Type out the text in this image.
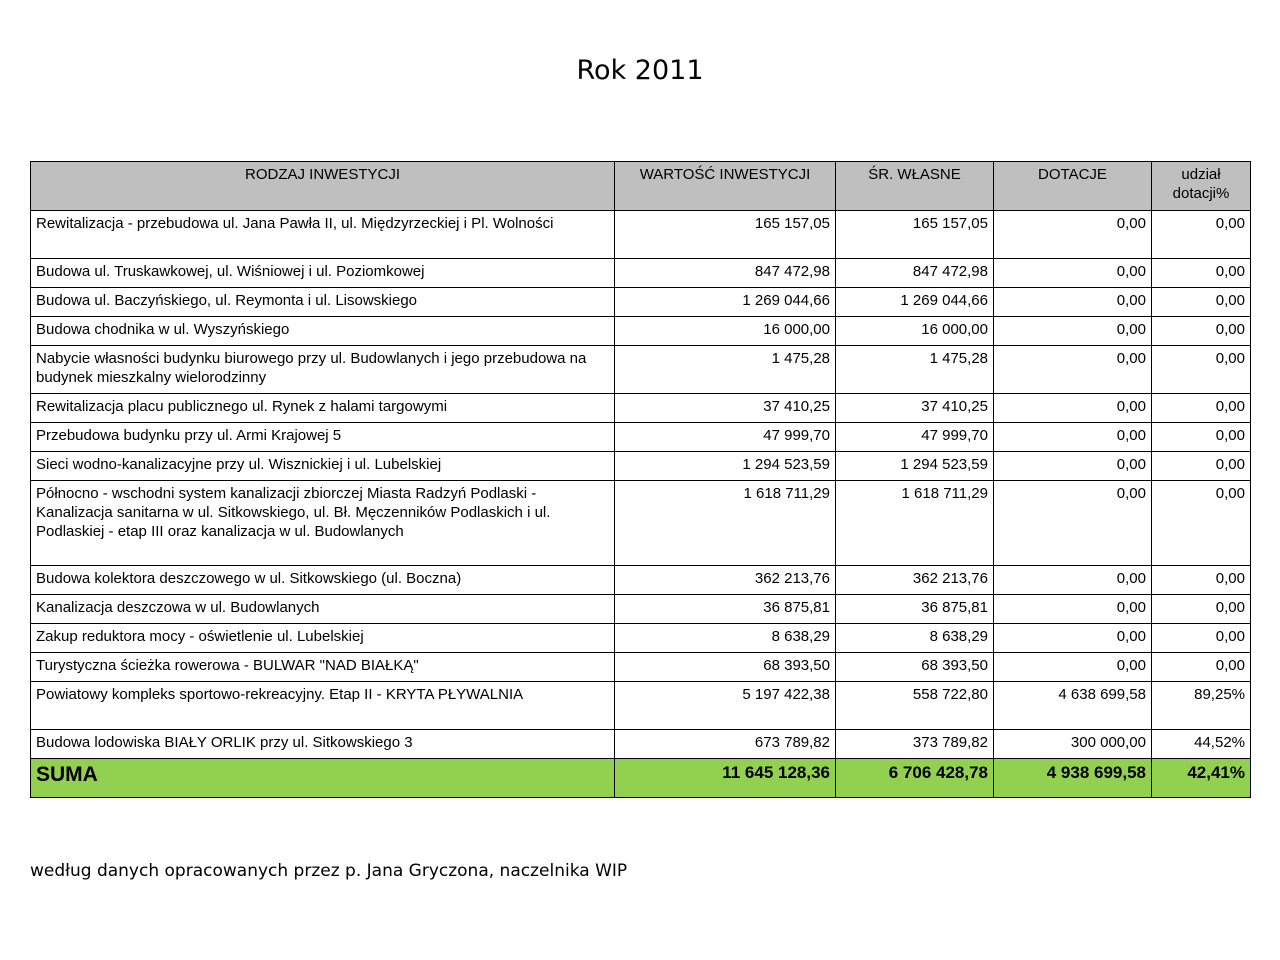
Rok 2011
RODZAJ INWESTYCJI	WARTOŚĆ INWESTYCJI	ŚR. WŁASNE	DOTACJE	udział dotacji%
Rewitalizacja - przebudowa ul. Jana Pawła II, ul. Międzyrzeckiej i Pl. Wolności	165 157,05	165 157,05	0,00	0,00
Budowa ul. Truskawkowej, ul. Wiśniowej i ul. Poziomkowej	847 472,98	847 472,98	0,00	0,00
Budowa ul. Baczyńskiego, ul. Reymonta i ul. Lisowskiego	1 269 044,66	1 269 044,66	0,00	0,00
Budowa chodnika w ul. Wyszyńskiego	16 000,00	16 000,00	0,00	0,00
Nabycie własności budynku biurowego przy ul. Budowlanych i jego przebudowa na budynek mieszkalny wielorodzinny	1 475,28	1 475,28	0,00	0,00
Rewitalizacja placu publicznego ul. Rynek z halami targowymi	37 410,25	37 410,25	0,00	0,00
Przebudowa budynku przy ul. Armi Krajowej 5	47 999,70	47 999,70	0,00	0,00
Sieci wodno-kanalizacyjne przy ul. Wisznickiej i ul. Lubelskiej	1 294 523,59	1 294 523,59	0,00	0,00
Północno - wschodni system kanalizacji zbiorczej Miasta Radzyń Podlaski - Kanalizacja sanitarna w ul. Sitkowskiego, ul. Bł. Męczenników Podlaskich i ul. Podlaskiej - etap III oraz kanalizacja w ul. Budowlanych	1 618 711,29	1 618 711,29	0,00	0,00
Budowa kolektora deszczowego w ul. Sitkowskiego (ul. Boczna)	362 213,76	362 213,76	0,00	0,00
Kanalizacja deszczowa w ul. Budowlanych	36 875,81	36 875,81	0,00	0,00
Zakup reduktora mocy - oświetlenie ul. Lubelskiej	8 638,29	8 638,29	0,00	0,00
Turystyczna ścieżka rowerowa - BULWAR "NAD BIAŁKĄ"	68 393,50	68 393,50	0,00	0,00
Powiatowy kompleks sportowo-rekreacyjny. Etap II - KRYTA PŁYWALNIA	5 197 422,38	558 722,80	4 638 699,58	89,25%
Budowa lodowiska BIAŁY ORLIK przy ul. Sitkowskiego 3	673 789,82	373 789,82	300 000,00	44,52%
SUMA	11 645 128,36	6 706 428,78	4 938 699,58	42,41%
według danych opracowanych przez p. Jana Gryczona, naczelnika WIP
